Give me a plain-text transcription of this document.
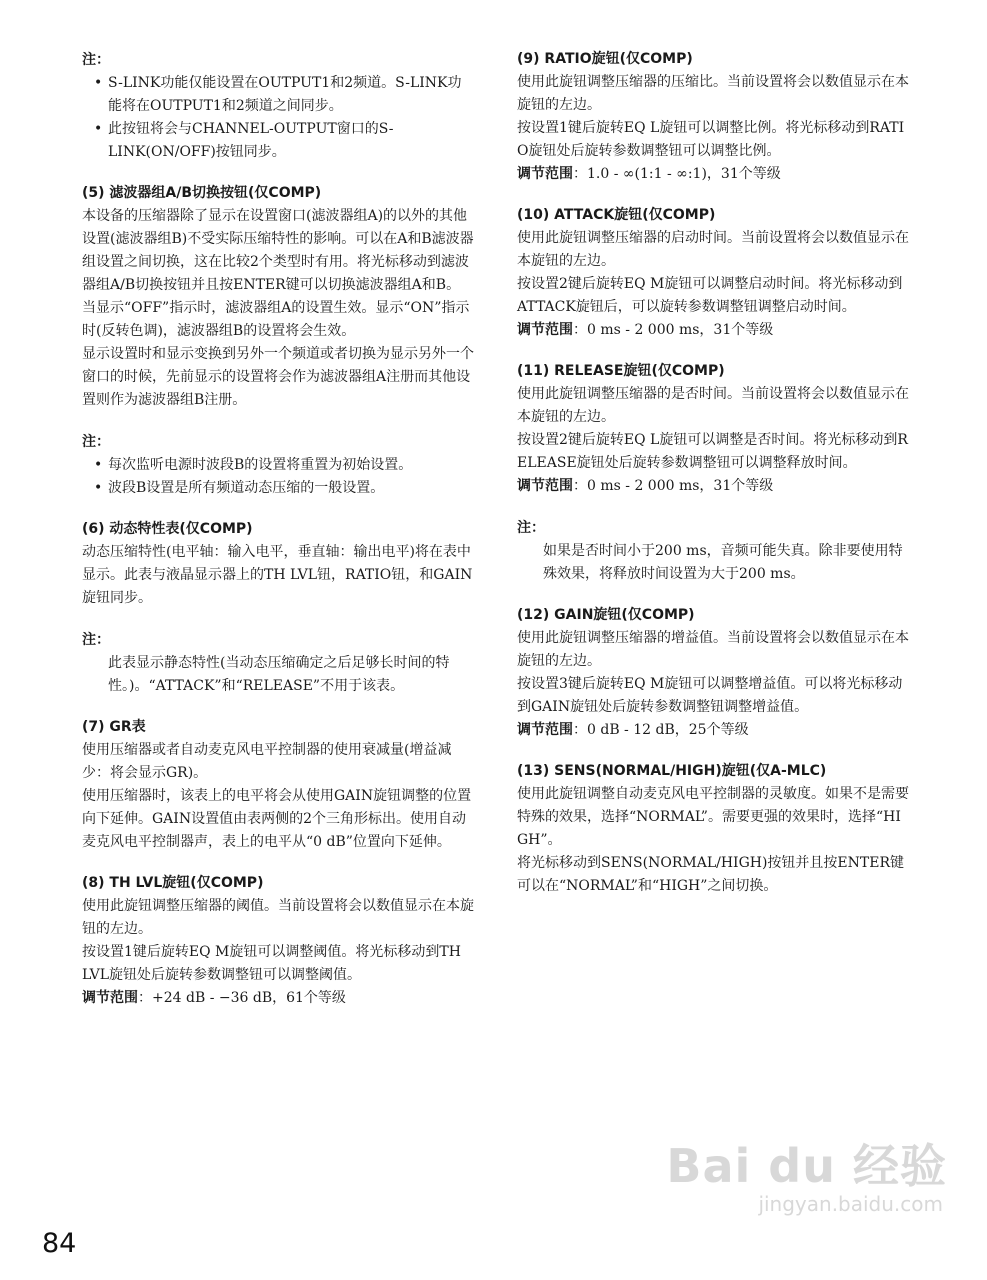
注：

• S-LINK功能仅能设置在OUTPUT1和2频道。S-LINK功能将在OUTPUT1和2频道之间同步。
• 此按钮将会与CHANNEL-OUTPUT窗口的S-LINK(ON/OFF)按钮同步。

(5) 滤波器组A/B切换按钮(仅COMP)

本设备的压缩器除了显示在设置窗口(滤波器组A)的以外的其他设置(滤波器组B)不受实际压缩特性的影响。可以在A和B滤波器组设置之间切换，这在比较2个类型时有用。将光标移动到滤波器组A/B切换按钮并且按ENTER键可以切换滤波器组A和B。

当显示“OFF”指示时，滤波器组A的设置生效。显示“ON”指示时(反转色调)，滤波器组B的设置将会生效。

显示设置时和显示变换到另外一个频道或者切换为显示另外一个窗口的时候，先前显示的设置将会作为滤波器组A注册而其他设置则作为滤波器组B注册。

注：

• 每次监听电源时波段B的设置将重置为初始设置。
• 波段B设置是所有频道动态压缩的一般设置。

(6) 动态特性表(仅COMP)

动态压缩特性(电平轴：输入电平，垂直轴：输出电平)将在表中显示。此表与液晶显示器上的TH LVL钮，RATIO钮，和GAIN旋钮同步。

注：

此表显示静态特性(当动态压缩确定之后足够长时间的特性。)。“ATTACK”和“RELEASE”不用于该表。

(7) GR表

使用压缩器或者自动麦克风电平控制器的使用衰减量(增益减少：将会显示GR)。

使用压缩器时，该表上的电平将会从使用GAIN旋钮调整的位置向下延伸。GAIN设置值由表两侧的2个三角形标出。使用自动麦克风电平控制器声，表上的电平从“0 dB”位置向下延伸。

(8) TH LVL旋钮(仅COMP)

使用此旋钮调整压缩器的阈值。当前设置将会以数值显示在本旋钮的左边。

按设置1键后旋转EQ M旋钮可以调整阈值。将光标移动到TH LVL旋钮处后旋转参数调整钮可以调整阈值。

调节范围：+24 dB - −36 dB，61个等级

(9) RATIO旋钮(仅COMP)

使用此旋钮调整压缩器的压缩比。当前设置将会以数值显示在本旋钮的左边。

按设置1键后旋转EQ L旋钮可以调整比例。将光标移动到RATIO旋钮处后旋转参数调整钮可以调整比例。

调节范围：1.0 - ∞(1:1 - ∞:1)，31个等级

(10) ATTACK旋钮(仅COMP)

使用此旋钮调整压缩器的启动时间。当前设置将会以数值显示在本旋钮的左边。

按设置2键后旋转EQ M旋钮可以调整启动时间。将光标移动到ATTACK旋钮后，可以旋转参数调整钮调整启动时间。

调节范围：0 ms - 2 000 ms，31个等级

(11) RELEASE旋钮(仅COMP)

使用此旋钮调整压缩器的是否时间。当前设置将会以数值显示在本旋钮的左边。

按设置2键后旋转EQ L旋钮可以调整是否时间。将光标移动到RELEASE旋钮处后旋转参数调整钮可以调整释放时间。

调节范围：0 ms - 2 000 ms，31个等级

注：

如果是否时间小于200 ms，音频可能失真。除非要使用特殊效果，将释放时间设置为大于200 ms。

(12) GAIN旋钮(仅COMP)

使用此旋钮调整压缩器的增益值。当前设置将会以数值显示在本旋钮的左边。

按设置3键后旋转EQ M旋钮可以调整增益值。可以将光标移动到GAIN旋钮处后旋转参数调整钮调整增益值。

调节范围：0 dB - 12 dB，25个等级

(13) SENS(NORMAL/HIGH)旋钮(仅A-MLC)

使用此旋钮调整自动麦克风电平控制器的灵敏度。如果不是需要特殊的效果，选择“NORMAL”。需要更强的效果时，选择“HIGH”。

将光标移动到SENS(NORMAL/HIGH)按钮并且按ENTER键可以在“NORMAL”和“HIGH”之间切换。

84
Bai du 经验
jingyan.baidu.com
